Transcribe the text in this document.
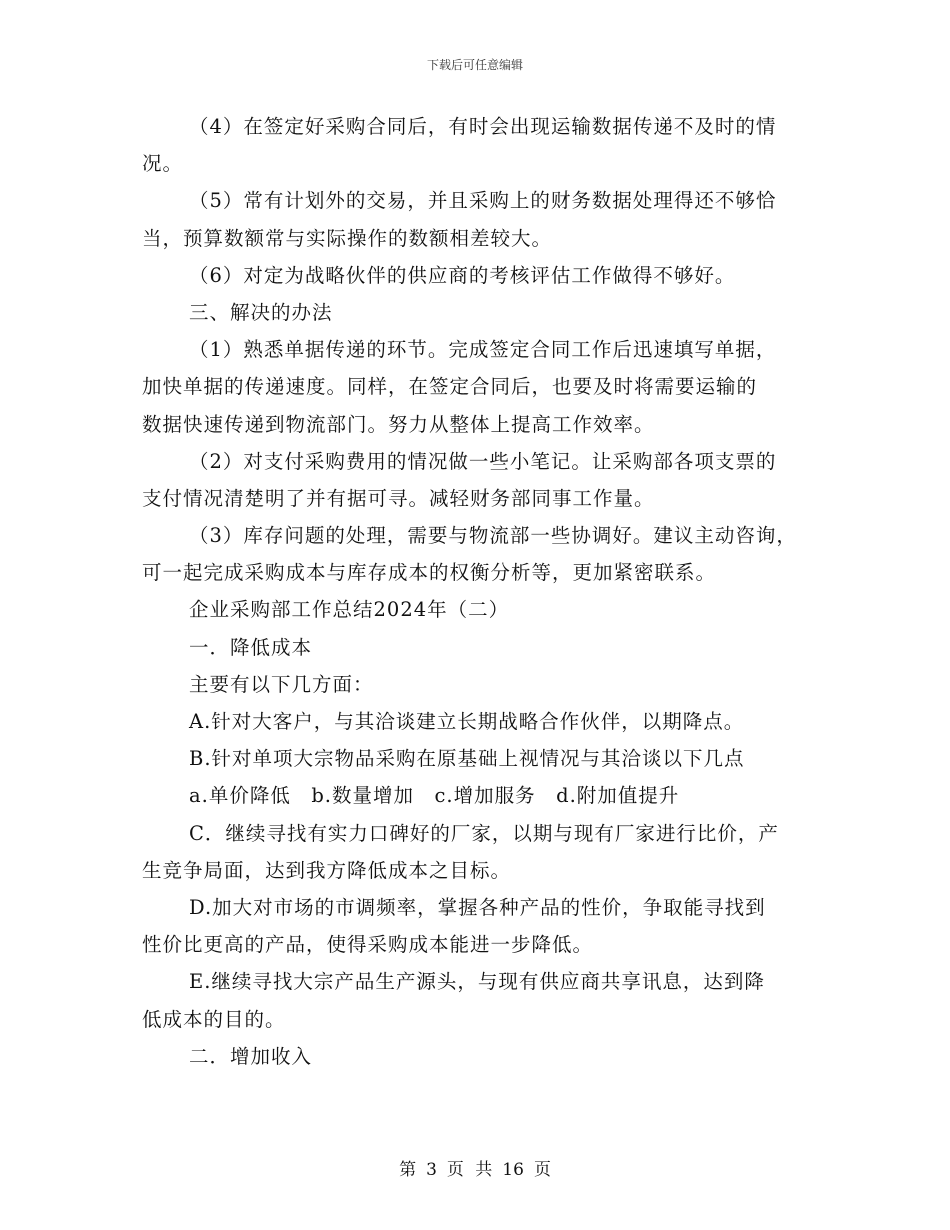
下载后可任意编辑
（4）在签定好采购合同后，有时会出现运输数据传递不及时的情
况。
（5）常有计划外的交易，并且采购上的财务数据处理得还不够恰
当，预算数额常与实际操作的数额相差较大。
（6）对定为战略伙伴的供应商的考核评估工作做得不够好。
三、解决的办法
（1）熟悉单据传递的环节。完成签定合同工作后迅速填写单据，
加快单据的传递速度。同样，在签定合同后，也要及时将需要运输的
数据快速传递到物流部门。努力从整体上提高工作效率。
（2）对支付采购费用的情况做一些小笔记。让采购部各项支票的
支付情况清楚明了并有据可寻。减轻财务部同事工作量。
（3）库存问题的处理，需要与物流部一些协调好。建议主动咨询，
可一起完成采购成本与库存成本的权衡分析等，更加紧密联系。
企业采购部工作总结2024年（二）
一．降低成本
主要有以下几方面：
A.针对大客户，与其洽谈建立长期战略合作伙伴，以期降点。
B.针对单项大宗物品采购在原基础上视情况与其洽谈以下几点
a.单价降低　b.数量增加　c.增加服务　d.附加值提升
C．继续寻找有实力口碑好的厂家，以期与现有厂家进行比价，产
生竞争局面，达到我方降低成本之目标。
D.加大对市场的市调频率，掌握各种产品的性价，争取能寻找到
性价比更高的产品，使得采购成本能进一步降低。
E.继续寻找大宗产品生产源头，与现有供应商共享讯息，达到降
低成本的目的。
二．增加收入
第 3 页 共 16 页
